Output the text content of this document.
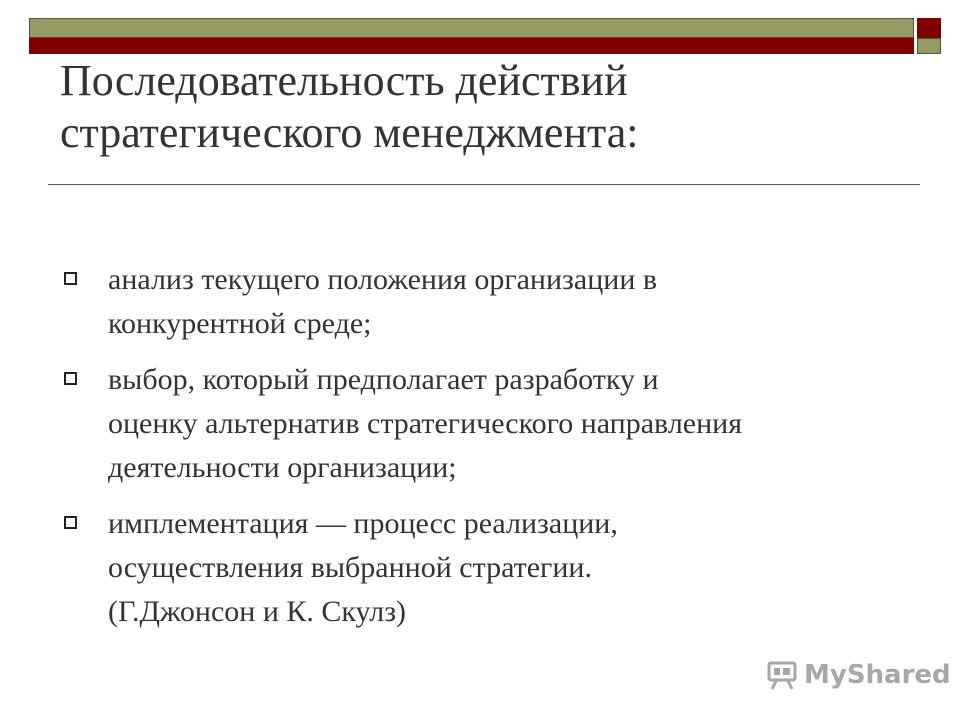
Последовательность действий
стратегического менеджмента:
анализ текущего положения организации в
конкурентной среде;
выбор, который предполагает разработку и
оценку альтернатив стратегического направления
деятельности организации;
имплементация — процесс реализации,
осуществления выбранной стратегии.
(Г.Джонсон и К. Скулз)
MyShared
